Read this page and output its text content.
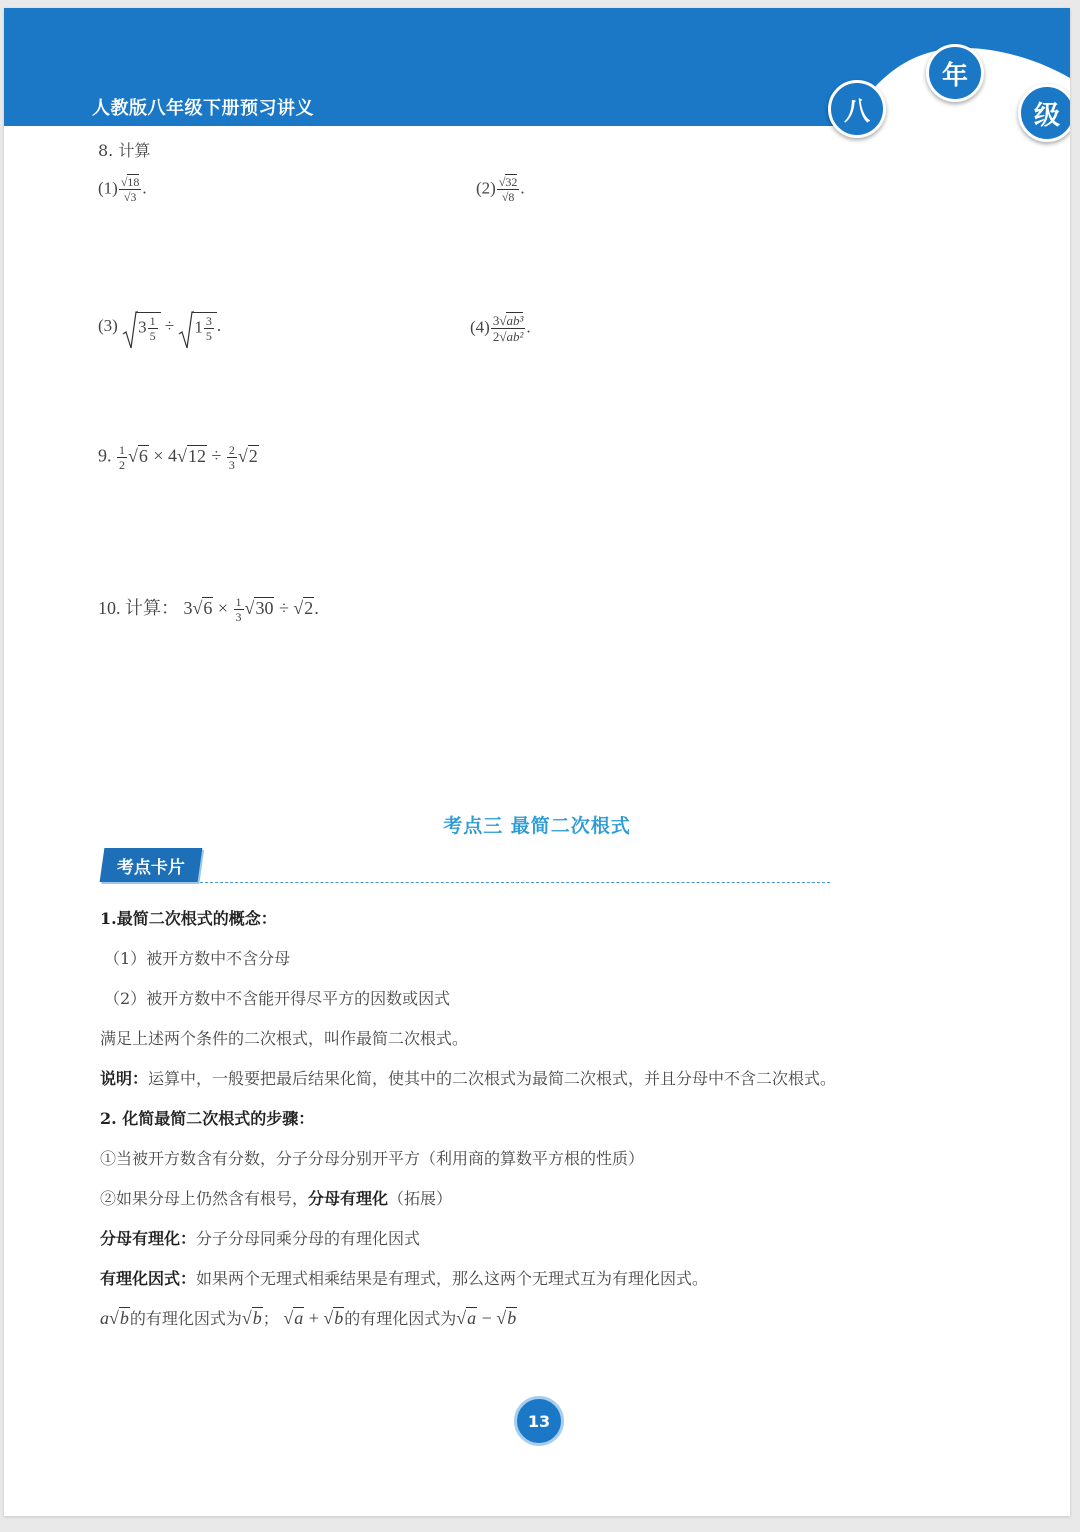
人教版八年级下册预习讲义	八
年
级
8. 计算
$(1) \frac{√18}{√3}$ .	$(2) \frac{√32}{√8}$ .
(3) $3 \frac{1}{5} \div 1 \frac{3}{5}$ .	$(4) \frac{\text{3√ab³}}{\text{2√ab²}}$ .
9. $\frac{1}{2} √6 \times 4√12 \div \frac{2}{3} √2$
10. 计算： $3√6 \times \frac{1}{3} √30 \div √2$.
考点三 最简二次根式
考点卡片
1.最简二次根式的概念：
（1）被开方数中不含分母
（2）被开方数中不含能开得尽平方的因数或因式
满足上述两个条件的二次根式，叫作最简二次根式。
说明：运算中，一般要把最后结果化简，使其中的二次根式为最简二次根式，并且分母中不含二次根式。
2. 化简最简二次根式的步骤：
①当被开方数含有分数，分子分母分别开平方（利用商的算数平方根的性质）
②如果分母上仍然含有根号，分母有理化（拓展）
分母有理化：分子分母同乘分母的有理化因式
有理化因式：如果两个无理式相乘结果是有理式，那么这两个无理式互为有理化因式。
a√b的有理化因式为√b； √a + √b的有理化因式为√a − √b
13
